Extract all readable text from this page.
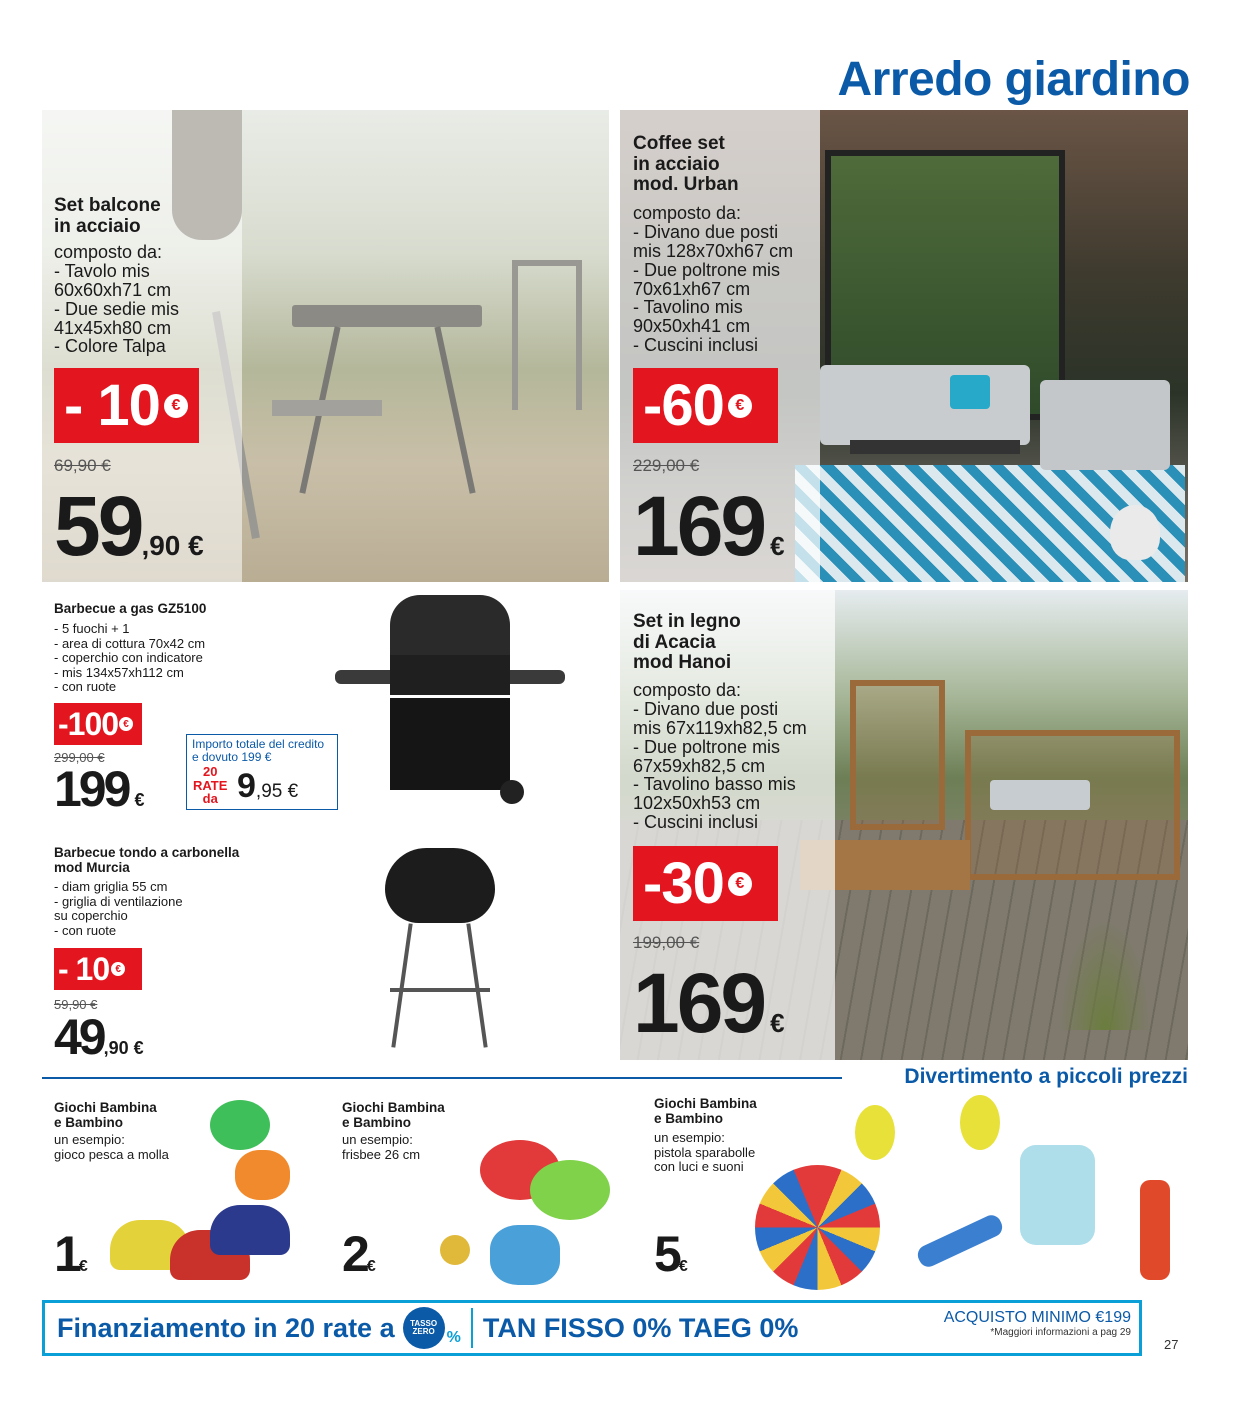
Arredo giardino
Set balcone
in acciaio
composto da:
- Tavolo mis
60x60xh71 cm
- Due sedie mis
41x45xh80 cm
- Colore Talpa
- 10 €
69,90 €
59,90 €
Coffee set
in acciaio
mod. Urban
composto da:
- Divano due posti
mis 128x70xh67 cm
- Due poltrone mis
70x61xh67 cm
- Tavolino mis
90x50xh41 cm
- Cuscini inclusi
-60 €
229,00 €
169 €
Barbecue a gas GZ5100
- 5 fuochi + 1
- area di cottura 70x42 cm
- coperchio con indicatore
- mis 134x57xh112 cm
- con ruote
-100 €
299,00 €
199 €
Importo totale del credito
e dovuto 199 €
20
RATE
da 9,95 €
Barbecue tondo a carbonella
mod Murcia
- diam griglia 55 cm
- griglia di ventilazione
su coperchio
- con ruote
- 10 €
59,90 €
49,90 €
Set in legno
di Acacia
mod Hanoi
composto da:
- Divano due posti
mis 67x119xh82,5 cm
- Due poltrone mis
67x59xh82,5 cm
- Tavolino basso mis
102x50xh53 cm
- Cuscini inclusi
-30 €
199,00 €
169 €
Divertimento a piccoli prezzi
Giochi Bambina
e Bambino
un esempio:
gioco pesca a molla
1€
Giochi Bambina
e Bambino
un esempio:
frisbee 26 cm
2€
Giochi Bambina
e Bambino
un esempio:
pistola sparabolle
con luci e suoni
5€
Finanziamento in 20 rate a TASSO
ZERO % TAN FISSO 0% TAEG 0%	ACQUISTO MINIMO €199
*Maggiori informazioni a pag 29
27
